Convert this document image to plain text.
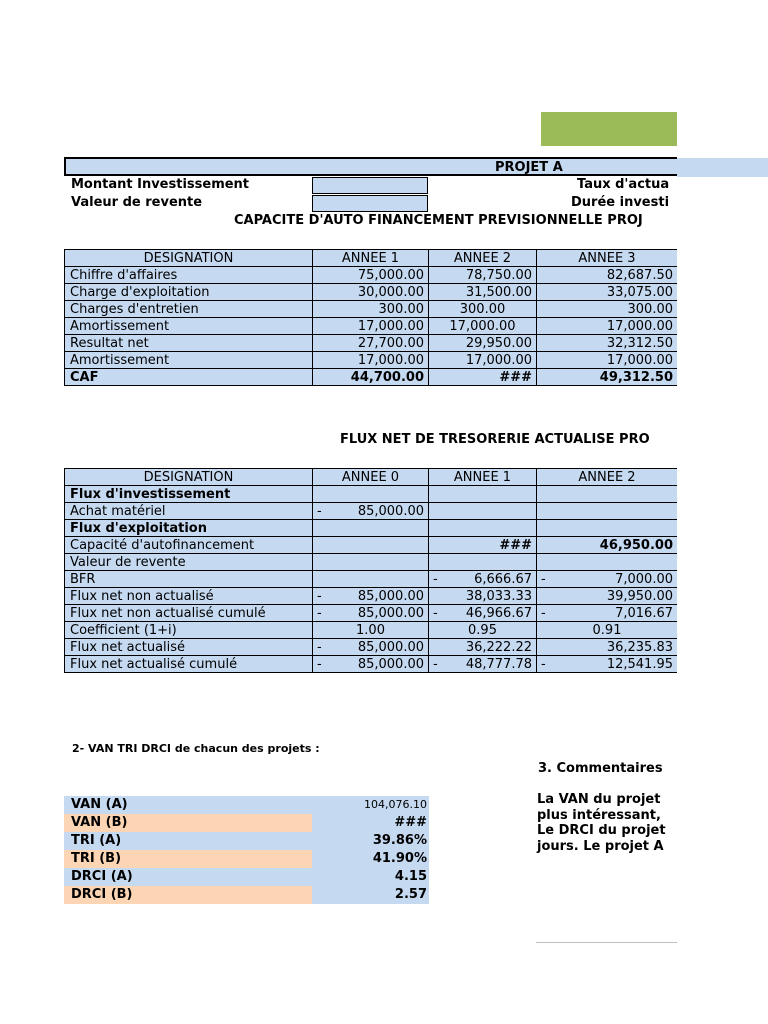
PROJET A
Montant Investissement	Taux d'actua
Valeur de revente	Durée investi
CAPACITE D'AUTO FINANCEMENT PREVISIONNELLE PROJ
DESIGNATION	ANNEE 1	ANNEE 2	ANNEE 3
Chiffre d'affaires	75,000.00	78,750.00	82,687.50
Charge d'exploitation	30,000.00	31,500.00	33,075.00
Charges d'entretien	300.00	300.00	300.00
Amortissement	17,000.00	17,000.00	17,000.00
Resultat net	27,700.00	29,950.00	32,312.50
Amortissement	17,000.00	17,000.00	17,000.00
CAF	44,700.00	###	49,312.50
FLUX NET DE TRESORERIE ACTUALISE PRO
DESIGNATION	ANNEE 0	ANNEE 1	ANNEE 2
Flux d'investissement			
Achat matériel	- 85,000.00		

Flux d'exploitation			
Capacité d'autofinancement		###	46,950.00
Valeur de revente			
BFR		- 6,666.67	- 7,000.00

Flux net non actualisé	- 85,000.00	38,033.33	39,950.00
Flux net non actualisé cumulé	- 85,000.00	- 46,966.67	- 7,016.67

Coefficient (1+i)	1.00	0.95	0.91
Flux net actualisé	- 85,000.00	36,222.22	36,235.83
Flux net actualisé cumulé	- 85,000.00	- 48,777.78	- 12,541.95
2- VAN TRI DRCI de chacun des projets :
VAN (A)	104,076.10
VAN (B)	###
TRI (A)	39.86%
TRI (B)	41.90%
DRCI (A)	4.15
DRCI (B)	2.57
3. Commentaires
La VAN du projet
plus intéressant,
Le DRCI du projet
jours. Le projet A
